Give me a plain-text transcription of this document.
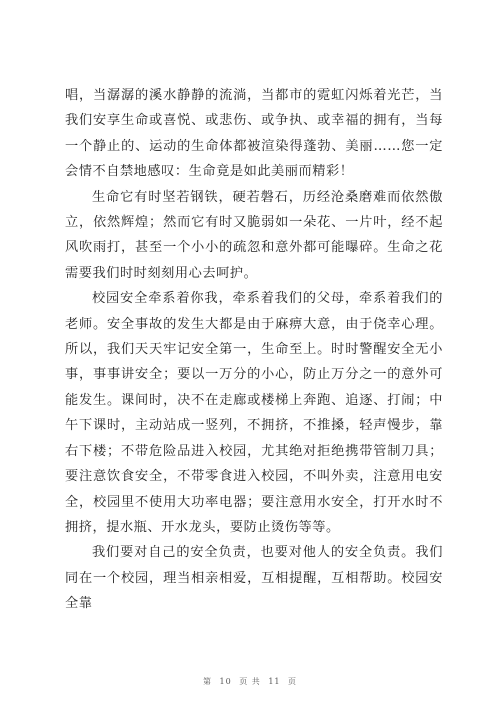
唱，当潺潺的溪水静静的流淌，当都市的霓虹闪烁着光芒，当我们安享生命或喜悦、或悲伤、或争执、或幸福的拥有，当每一个静止的、运动的生命体都被渲染得蓬勃、美丽……您一定会情不自禁地感叹：生命竟是如此美丽而精彩！

生命它有时坚若钢铁，硬若磐石，历经沧桑磨难而依然傲立，依然辉煌；然而它有时又脆弱如一朵花、一片叶，经不起风吹雨打，甚至一个小小的疏忽和意外都可能曝碎。生命之花需要我们时时刻刻用心去呵护。

校园安全牵系着你我，牵系着我们的父母，牵系着我们的老师。安全事故的发生大都是由于麻痹大意，由于侥幸心理。所以，我们天天牢记安全第一，生命至上。时时警醒安全无小事，事事讲安全；要以一万分的小心，防止万分之一的意外可能发生。课间时，决不在走廊或楼梯上奔跑、追逐、打闹；中午下课时，主动站成一竖列，不拥挤，不推搡，轻声慢步，靠右下楼；不带危险品进入校园，尤其绝对拒绝携带管制刀具；要注意饮食安全，不带零食进入校园，不叫外卖，注意用电安全，校园里不使用大功率电器；要注意用水安全，打开水时不拥挤，提水瓶、开水龙头，要防止烫伤等等。

我们要对自己的安全负责，也要对他人的安全负责。我们同在一个校园，理当相亲相爱，互相提醒，互相帮助。校园安全靠

第 10 页 共 11 页
